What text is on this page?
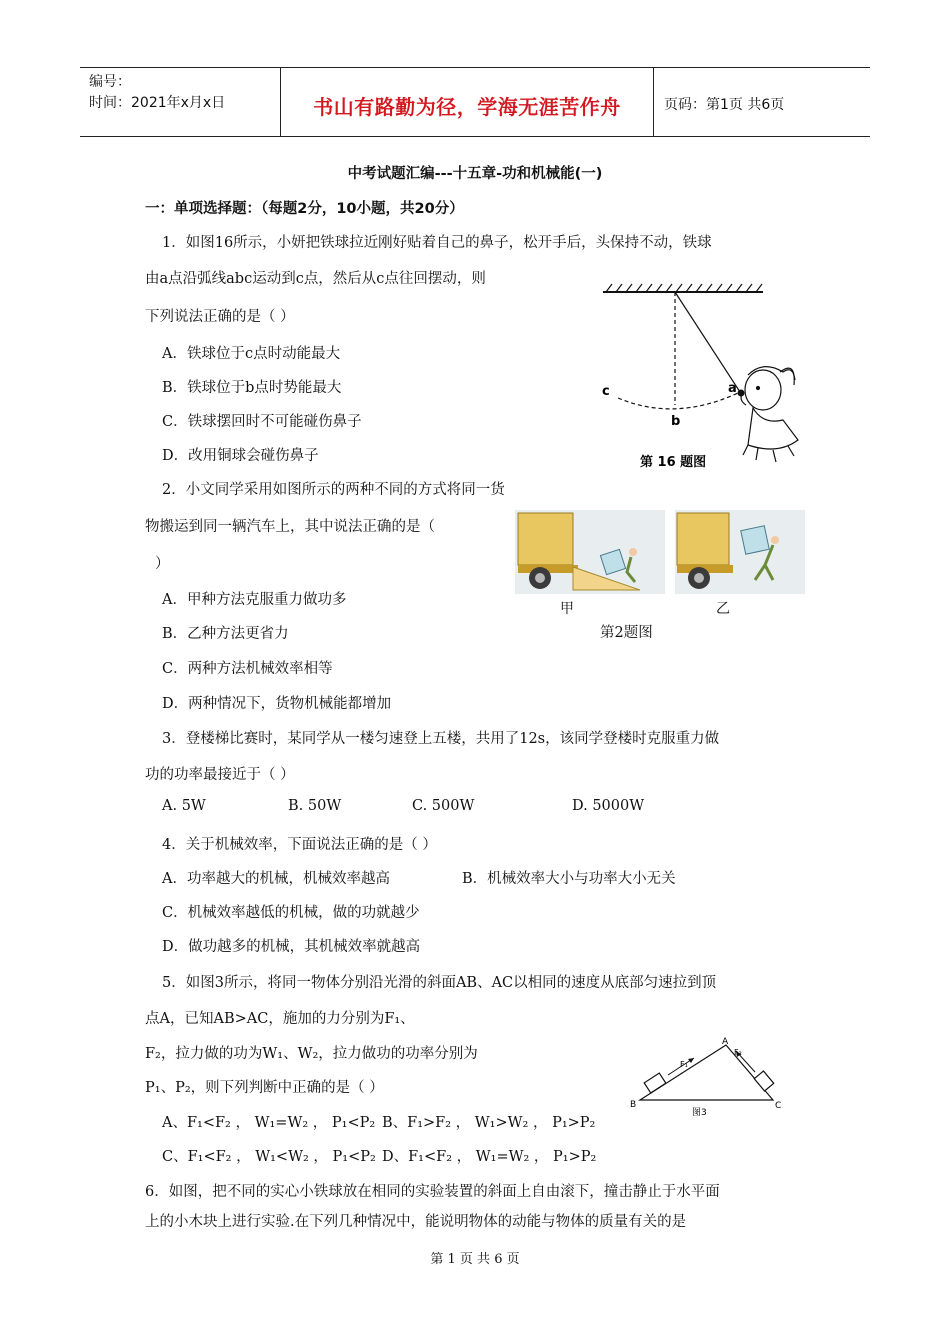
编号：
时间：2021年x月x日	书山有路勤为径，学海无涯苦作舟	页码：第1页 共6页
中考试题汇编---十五章-功和机械能(一)
一：单项选择题：（每题2分，10小题，共20分）
1．如图16所示，小妍把铁球拉近刚好贴着自己的鼻子，松开手后，头保持不动，铁球
由a点沿弧线abc运动到c点，然后从c点往回摆动，则
下列说法正确的是（ ）
A．铁球位于c点时动能最大
B．铁球位于b点时势能最大
C．铁球摆回时不可能碰伤鼻子
D．改用铜球会碰伤鼻子
c
b
a
第 16 题图
2．小文同学采用如图所示的两种不同的方式将同一货
物搬运到同一辆汽车上，其中说法正确的是（
）
A．甲种方法克服重力做功多
B．乙种方法更省力
C．两种方法机械效率相等
D．两种情况下，货物机械能都增加
甲	乙
第2题图
3．登楼梯比赛时，某同学从一楼匀速登上五楼，共用了12s，该同学登楼时克服重力做
功的功率最接近于（ ）
A. 5W	B. 50W	C. 500W	D. 5000W
4．关于机械效率，下面说法正确的是（ ）
A．功率越大的机械，机械效率越高	B．机械效率大小与功率大小无关
C．机械效率越低的机械，做的功就越少
D．做功越多的机械，其机械效率就越高
5．如图3所示，将同一物体分别沿光滑的斜面AB、AC以相同的速度从底部匀速拉到顶
点A，已知AB>AC，施加的力分别为F₁、
F₂，拉力做的功为W₁、W₂，拉力做功的功率分别为
P₁、P₂，则下列判断中正确的是（ ）
A、F₁<F₂ ， W₁=W₂ ， P₁<P₂ B、F₁>F₂ ， W₁>W₂ ， P₁>P₂
C、F₁<F₂ ， W₁<W₂ ， P₁<P₂ D、F₁<F₂ ， W₁=W₂ ， P₁>P₂
A
B	C
F₁
F₂
图3
6．如图，把不同的实心小铁球放在相同的实验装置的斜面上自由滚下，撞击静止于水平面
上的小木块上进行实验.在下列几种情况中，能说明物体的动能与物体的质量有关的是
第 1 页 共 6 页
